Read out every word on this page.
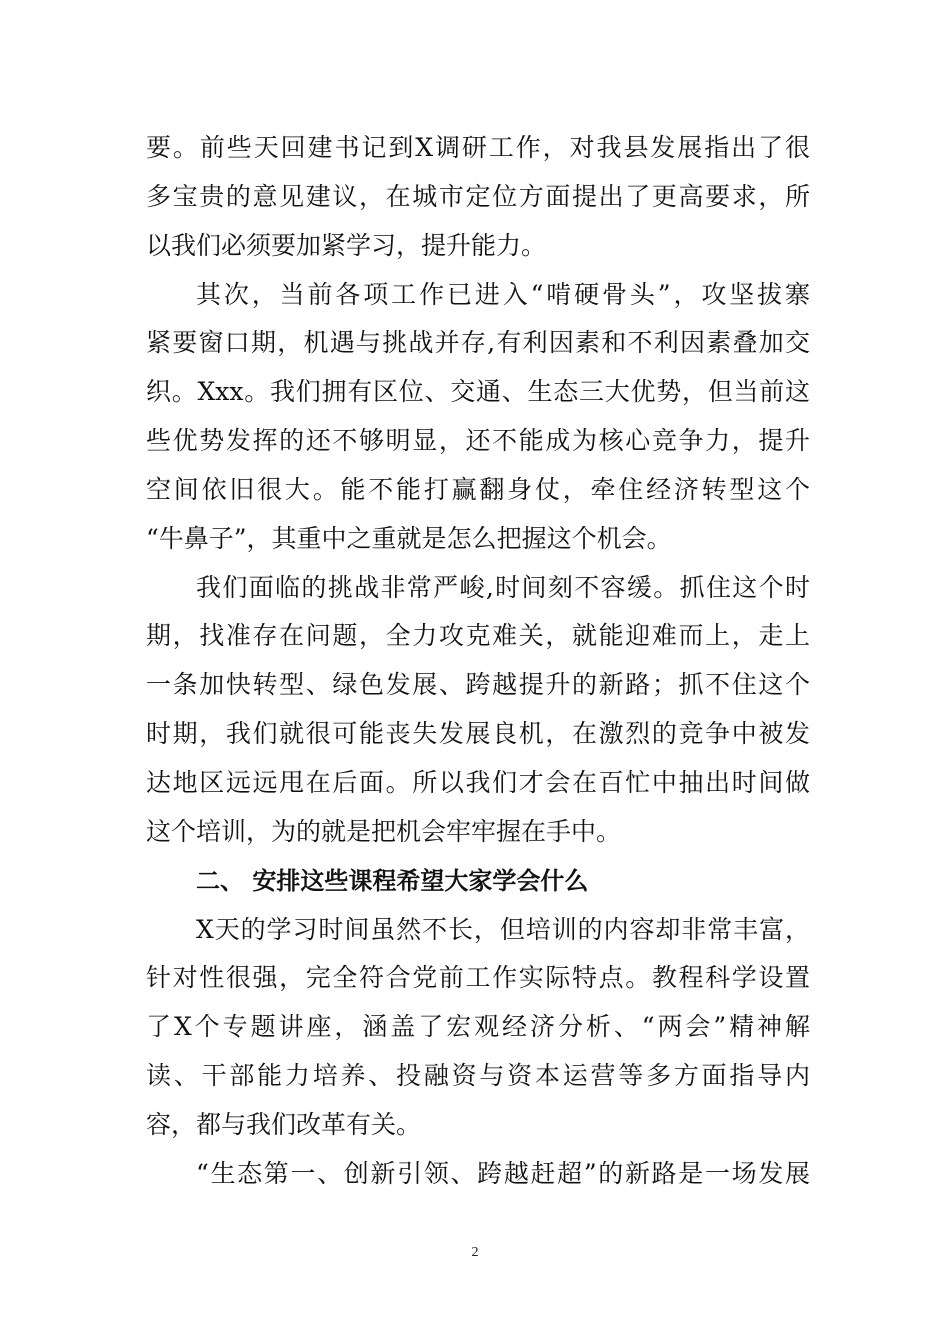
要。前些天回建书记到X调研工作，对我县发展指出了很
多宝贵的意见建议，在城市定位方面提出了更高要求，所
以我们必须要加紧学习，提升能力。
其次，当前各项工作已进入“啃硬骨头”，攻坚拔寨
紧要窗口期，机遇与挑战并存,有利因素和不利因素叠加交
织。Xxx。我们拥有区位、交通、生态三大优势，但当前这
些优势发挥的还不够明显，还不能成为核心竞争力，提升
空间依旧很大。能不能打赢翻身仗，牵住经济转型这个
“牛鼻子”，其重中之重就是怎么把握这个机会。
我们面临的挑战非常严峻,时间刻不容缓。抓住这个时
期，找准存在问题，全力攻克难关，就能迎难而上，走上
一条加快转型、绿色发展、跨越提升的新路；抓不住这个
时期，我们就很可能丧失发展良机，在激烈的竞争中被发
达地区远远甩在后面。所以我们才会在百忙中抽出时间做
这个培训，为的就是把机会牢牢握在手中。
二、 安排这些课程希望大家学会什么
X天的学习时间虽然不长，但培训的内容却非常丰富，
针对性很强，完全符合党前工作实际特点。教程科学设置
了X个专题讲座，涵盖了宏观经济分析、“两会”精神解
读、干部能力培养、投融资与资本运营等多方面指导内
容，都与我们改革有关。
“生态第一、创新引领、跨越赶超”的新路是一场发展
2
